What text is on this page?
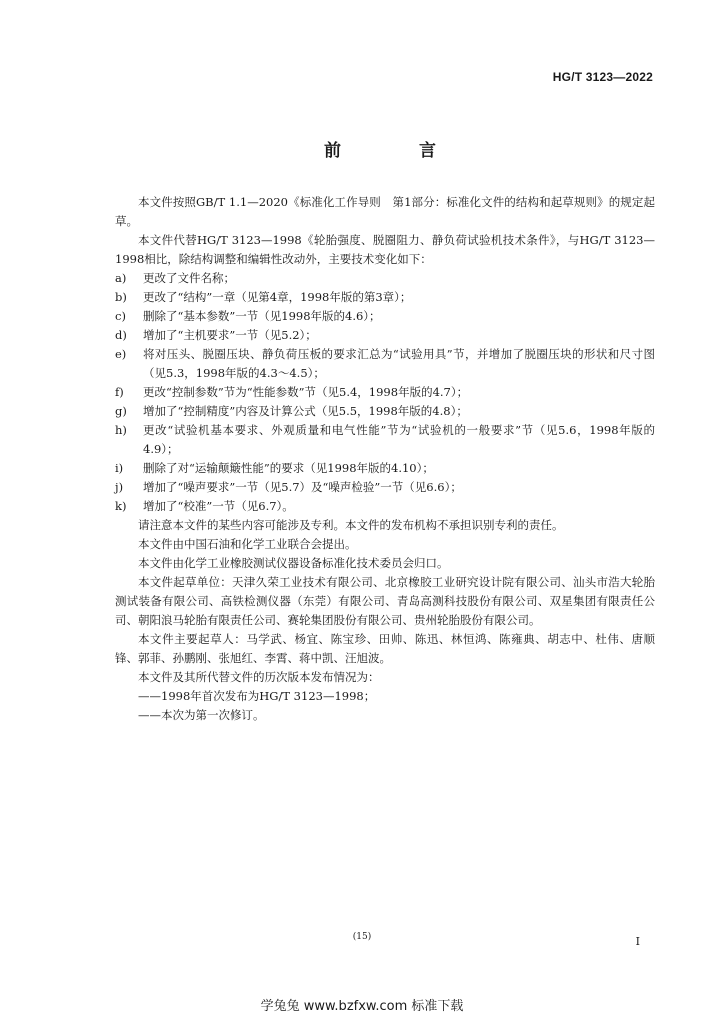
HG/T 3123—2022
前 言

本文件按照GB/T 1.1—2020《标准化工作导则　第1部分：标准化文件的结构和起草规则》的规定起草。

本文件代替HG/T 3123—1998《轮胎强度、脱圈阻力、静负荷试验机技术条件》，与HG/T 3123—1998相比，除结构调整和编辑性改动外，主要技术变化如下：

a) 更改了文件名称；

b) 更改了“结构”一章（见第4章，1998年版的第3章）；

c) 删除了“基本参数”一节（见1998年版的4.6）；

d) 增加了“主机要求”一节（见5.2）；

e) 将对压头、脱圈压块、静负荷压板的要求汇总为“试验用具”节，并增加了脱圈压块的形状和尺寸图（见5.3，1998年版的4.3～4.5）；

f) 更改“控制参数”节为“性能参数”节（见5.4，1998年版的4.7）；

g) 增加了“控制精度”内容及计算公式（见5.5，1998年版的4.8）；

h) 更改“试验机基本要求、外观质量和电气性能”节为“试验机的一般要求”节（见5.6，1998年版的4.9）；

i) 删除了对“运输颠簸性能”的要求（见1998年版的4.10）；

j) 增加了“噪声要求”一节（见5.7）及“噪声检验”一节（见6.6）；

k) 增加了“校准”一节（见6.7）。

请注意本文件的某些内容可能涉及专利。本文件的发布机构不承担识别专利的责任。

本文件由中国石油和化学工业联合会提出。

本文件由化学工业橡胶测试仪器设备标准化技术委员会归口。

本文件起草单位：天津久荣工业技术有限公司、北京橡胶工业研究设计院有限公司、汕头市浩大轮胎测试装备有限公司、高铁检测仪器（东莞）有限公司、青岛高测科技股份有限公司、双星集团有限责任公司、朝阳浪马轮胎有限责任公司、赛轮集团股份有限公司、贵州轮胎股份有限公司。

本文件主要起草人：马学武、杨宜、陈宝珍、田帅、陈迅、林恒鸿、陈雍典、胡志中、杜伟、唐顺锋、郭菲、孙鹏刚、张旭红、李霄、蒋中凯、汪旭波。

本文件及其所代替文件的历次版本发布情况为：

——1998年首次发布为HG/T 3123—1998；

——本次为第一次修订。

(15)	I
学兔兔 www.bzfxw.com 标准下载
